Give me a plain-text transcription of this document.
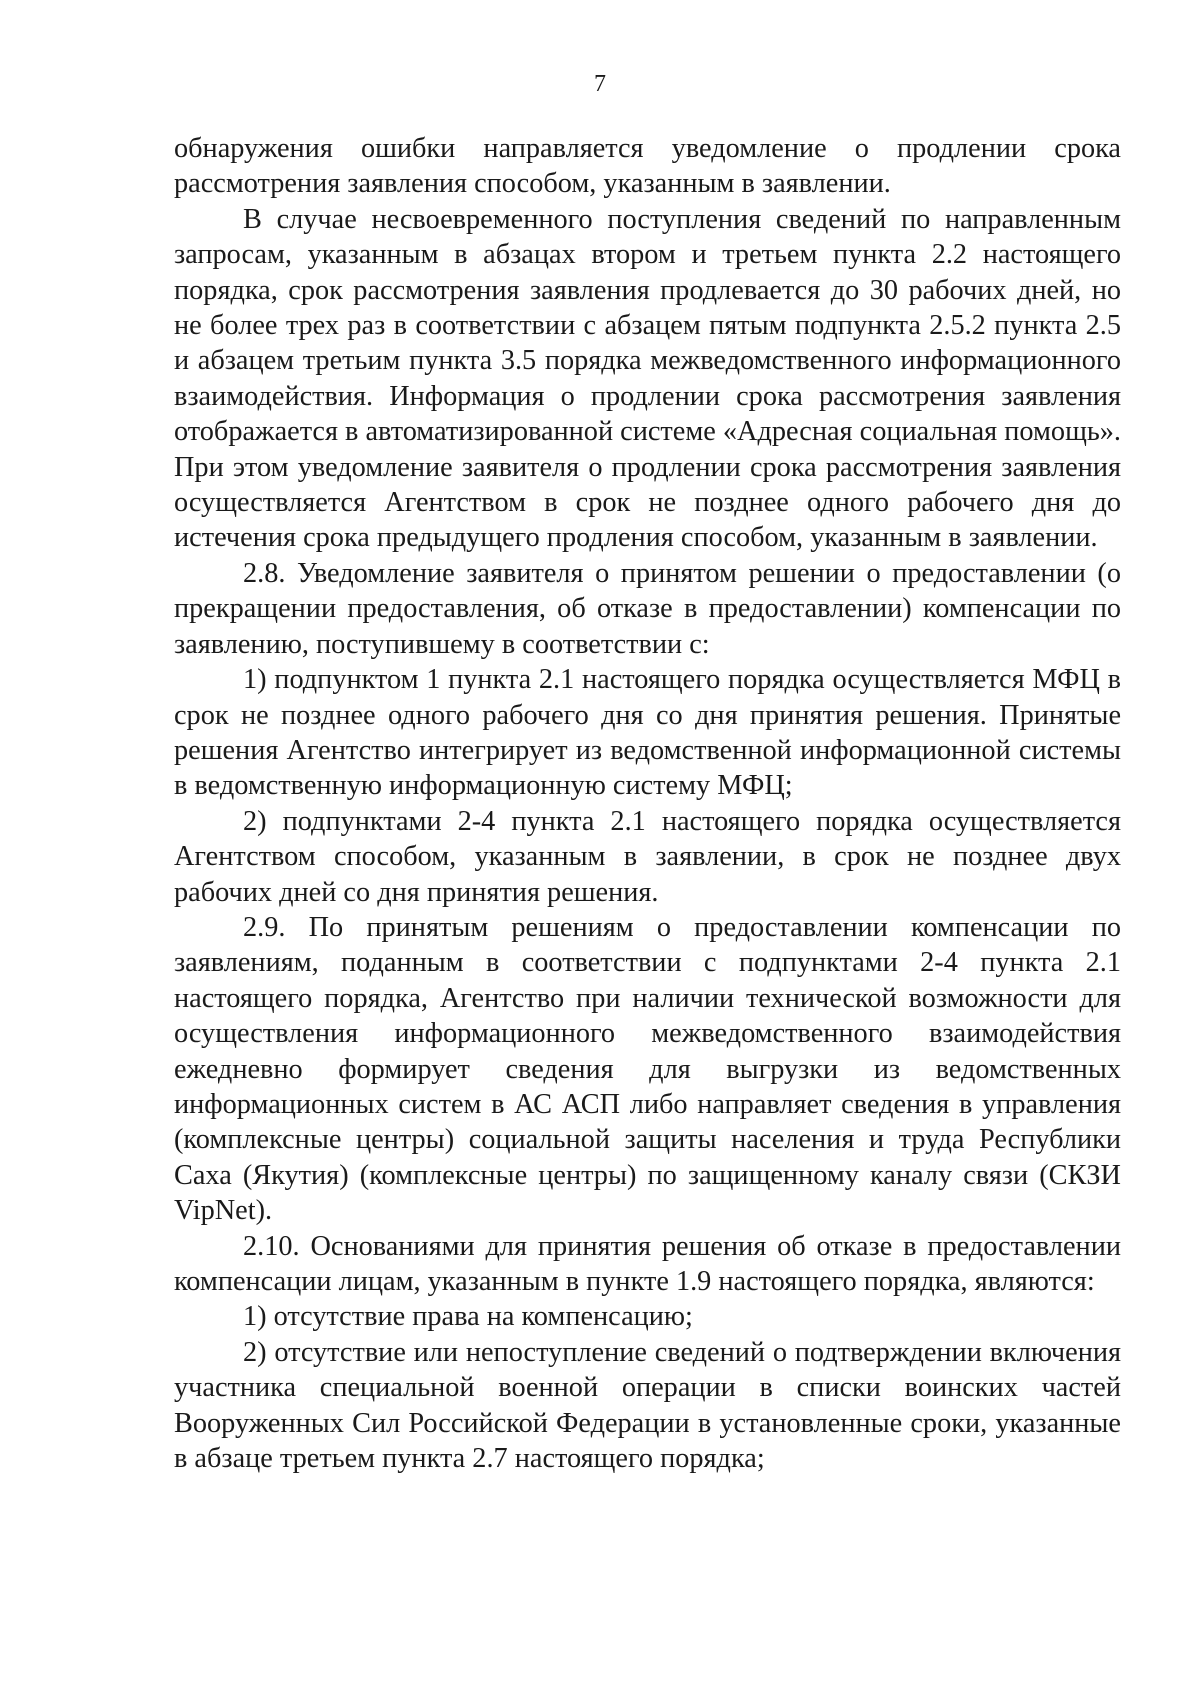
7

обнаружения ошибки направляется уведомление о продлении срока рассмотрения заявления способом, указанным в заявлении.

В случае несвоевременного поступления сведений по направленным запросам, указанным в абзацах втором и третьем пункта 2.2 настоящего порядка, срок рассмотрения заявления продлевается до 30 рабочих дней, но не более трех раз в соответствии с абзацем пятым подпункта 2.5.2 пункта 2.5 и абзацем третьим пункта 3.5 порядка межведомственного информационного взаимодействия. Информация о продлении срока рассмотрения заявления отображается в автоматизированной системе «Адресная социальная помощь». При этом уведомление заявителя о продлении срока рассмотрения заявления осуществляется Агентством в срок не позднее одного рабочего дня до истечения срока предыдущего продления способом, указанным в заявлении.

2.8. Уведомление заявителя о принятом решении о предоставлении (о прекращении предоставления, об отказе в предоставлении) компенсации по заявлению, поступившему в соответствии с:

1) подпунктом 1 пункта 2.1 настоящего порядка осуществляется МФЦ в срок не позднее одного рабочего дня со дня принятия решения. Принятые решения Агентство интегрирует из ведомственной информационной системы в ведомственную информационную систему МФЦ;

2) подпунктами 2-4 пункта 2.1 настоящего порядка осуществляется Агентством способом, указанным в заявлении, в срок не позднее двух рабочих дней со дня принятия решения.

2.9. По принятым решениям о предоставлении компенсации по заявлениям, поданным в соответствии с подпунктами 2-4 пункта 2.1 настоящего порядка, Агентство при наличии технической возможности для осуществления информационного межведомственного взаимодействия ежедневно формирует сведения для выгрузки из ведомственных информационных систем в АС АСП либо направляет сведения в управления (комплексные центры) социальной защиты населения и труда Республики Саха (Якутия) (комплексные центры) по защищенному каналу связи (СКЗИ VipNet).

2.10. Основаниями для принятия решения об отказе в предоставлении компенсации лицам, указанным в пункте 1.9 настоящего порядка, являются:

1) отсутствие права на компенсацию;

2) отсутствие или непоступление сведений о подтверждении включения участника специальной военной операции в списки воинских частей Вооруженных Сил Российской Федерации в установленные сроки, указанные в абзаце третьем пункта 2.7 настоящего порядка;
